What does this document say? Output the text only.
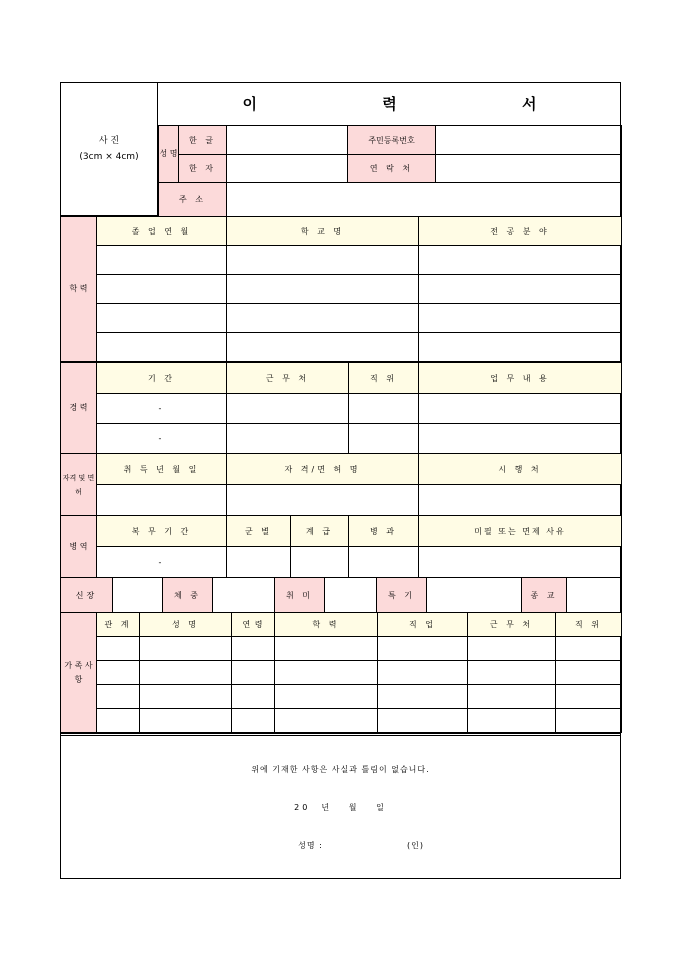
사 진
(3cm × 4cm)
이 력 서
성 명	한 글		주민등록번호	
	한 자		연 락 처	
주 소				
학 력	졸 업 연 월	학 교 명	전 공 분 야

경 력	기 간	근 무 처	직 위	업 무 내 용
	-			
	-			
자격 및 면허	취 득 년 월 일	자 격/면 허 명	시 행 처

병 역	복 무 기 간	군 별	계 급	병 과	미필 또는 면제 사유
	-				
신장		체 중		취 미		특 기		종 교	
가 족 사 항	관 계	성 명	연 령	학 력	직 업	근 무 처	직 위

위에 기재한 사항은 사실과 틀림이 없습니다.
20  년   월   일
성명 :	(인)
